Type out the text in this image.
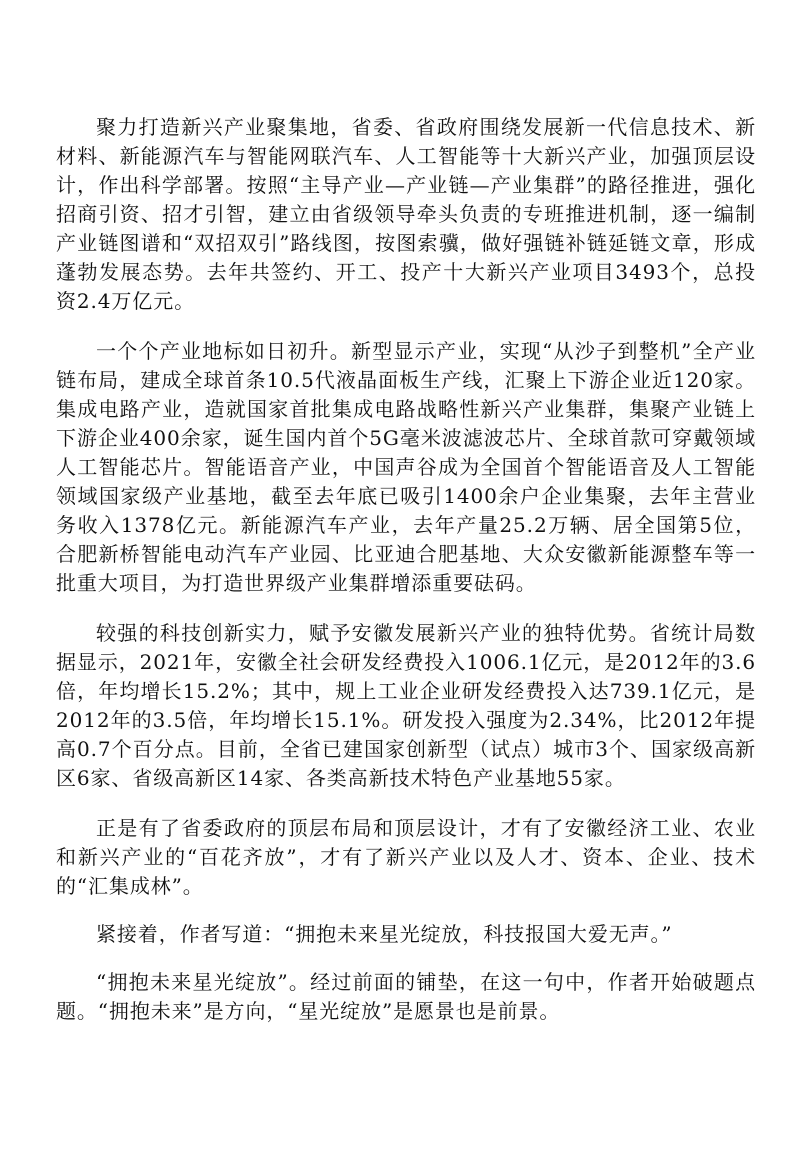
聚力打造新兴产业聚集地，省委、省政府围绕发展新一代信息技术、新材料、新能源汽车与智能网联汽车、人工智能等十大新兴产业，加强顶层设计，作出科学部署。按照“主导产业—产业链—产业集群”的路径推进，强化招商引资、招才引智，建立由省级领导牵头负责的专班推进机制，逐一编制产业链图谱和“双招双引”路线图，按图索骥，做好强链补链延链文章，形成蓬勃发展态势。去年共签约、开工、投产十大新兴产业项目3493个，总投资2.4万亿元。

一个个产业地标如日初升。新型显示产业，实现“从沙子到整机”全产业链布局，建成全球首条10.5代液晶面板生产线，汇聚上下游企业近120家。集成电路产业，造就国家首批集成电路战略性新兴产业集群，集聚产业链上下游企业400余家，诞生国内首个5G毫米波滤波芯片、全球首款可穿戴领域人工智能芯片。智能语音产业，中国声谷成为全国首个智能语音及人工智能领域国家级产业基地，截至去年底已吸引1400余户企业集聚，去年主营业务收入1378亿元。新能源汽车产业，去年产量25.2万辆、居全国第5位，合肥新桥智能电动汽车产业园、比亚迪合肥基地、大众安徽新能源整车等一批重大项目，为打造世界级产业集群增添重要砝码。

较强的科技创新实力，赋予安徽发展新兴产业的独特优势。省统计局数据显示，2021年，安徽全社会研发经费投入1006.1亿元，是2012年的3.6倍，年均增长15.2%；其中，规上工业企业研发经费投入达739.1亿元，是2012年的3.5倍，年均增长15.1%。研发投入强度为2.34%，比2012年提高0.7个百分点。目前，全省已建国家创新型（试点）城市3个、国家级高新区6家、省级高新区14家、各类高新技术特色产业基地55家。

正是有了省委政府的顶层布局和顶层设计，才有了安徽经济工业、农业和新兴产业的“百花齐放”，才有了新兴产业以及人才、资本、企业、技术的“汇集成林”。

紧接着，作者写道：“拥抱未来星光绽放，科技报国大爱无声。”

“拥抱未来星光绽放”。经过前面的铺垫，在这一句中，作者开始破题点题。“拥抱未来”是方向，“星光绽放”是愿景也是前景。
